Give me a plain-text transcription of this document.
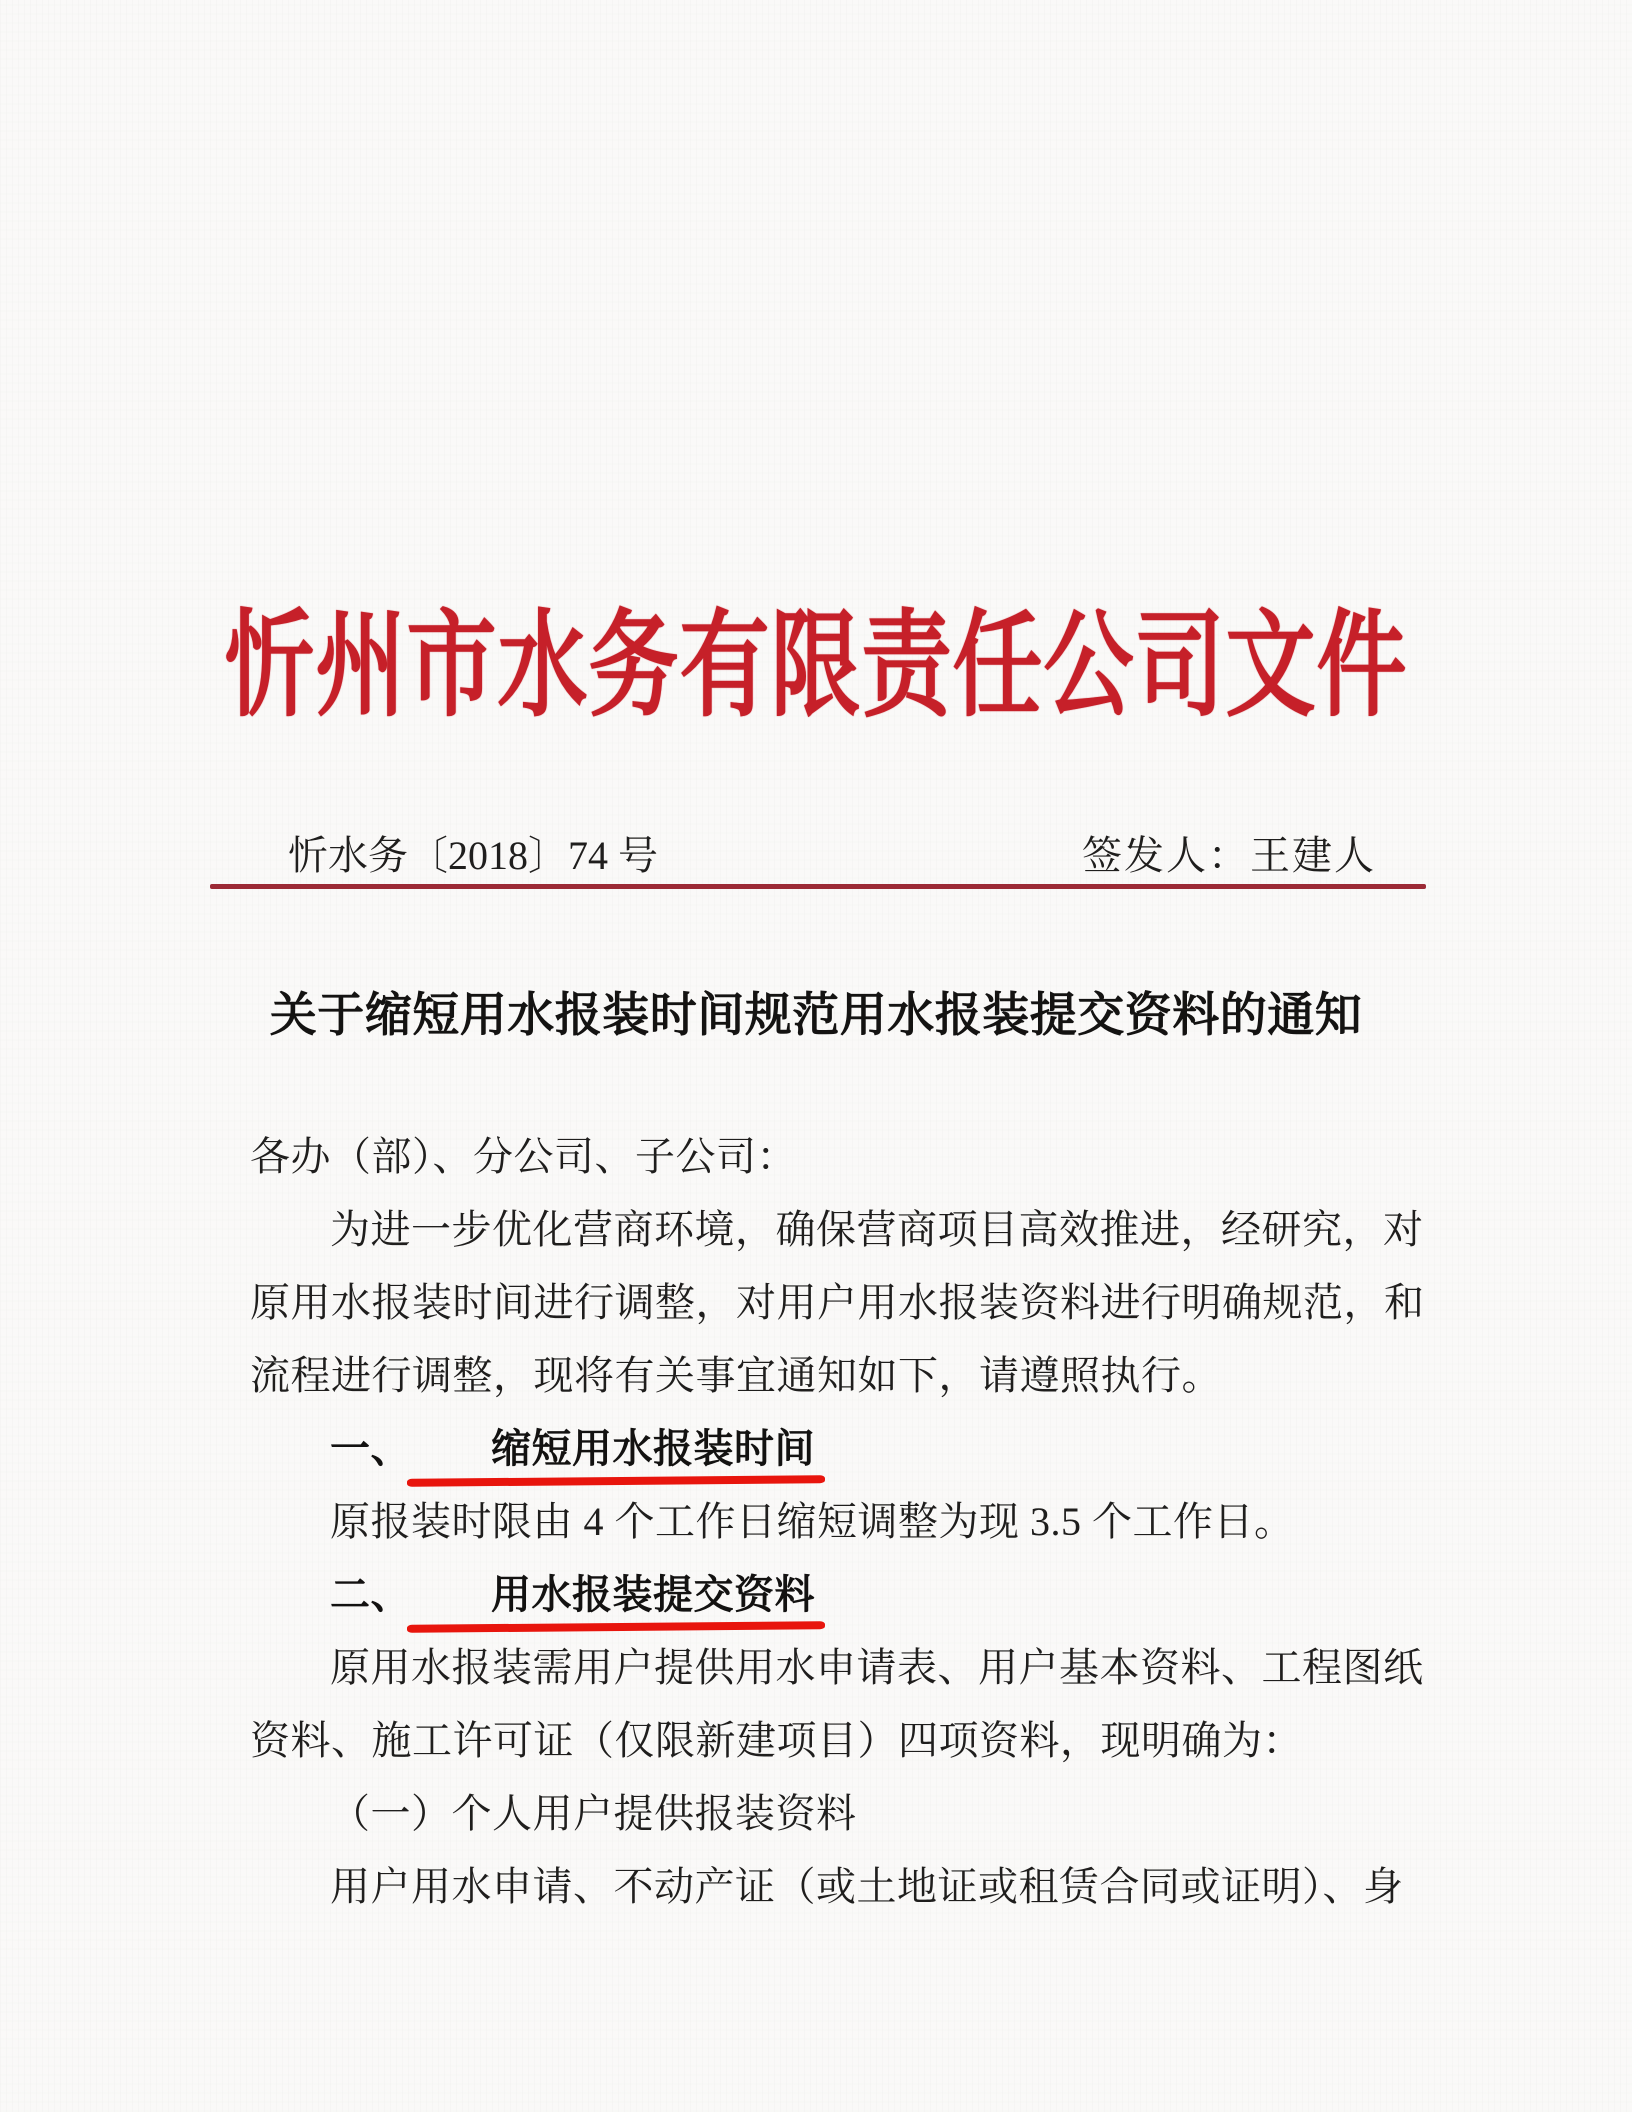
忻州市水务有限责任公司文件
忻水务〔2018〕74 号	签发人：王建人
关于缩短用水报装时间规范用水报装提交资料的通知
各办（部）、分公司、子公司：
为进一步优化营商环境，确保营商项目高效推进，经研究，对
原用水报装时间进行调整，对用户用水报装资料进行明确规范，和
流程进行调整，现将有关事宜通知如下，请遵照执行。
一、 缩短用水报装时间
原报装时限由 4 个工作日缩短调整为现 3.5 个工作日。
二、 用水报装提交资料
原用水报装需用户提供用水申请表、用户基本资料、工程图纸
资料、施工许可证（仅限新建项目）四项资料，现明确为：
（一）个人用户提供报装资料
用户用水申请、不动产证（或土地证或租赁合同或证明）、身
